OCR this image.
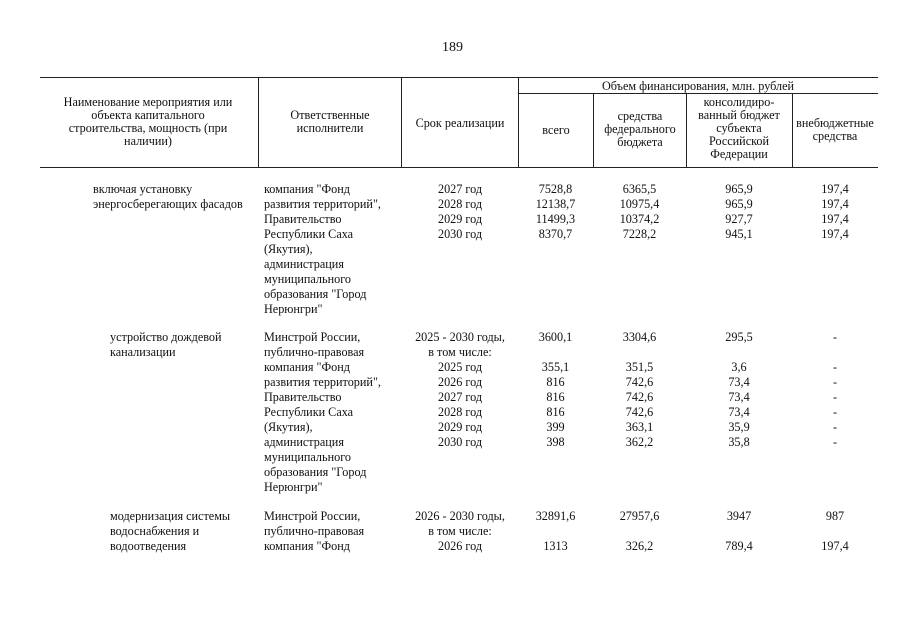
189
Наименование мероприятия или объекта капитального строительства, мощность (при наличии)
Ответственные исполнители	Срок реализации
Объем финансирования, млн. рублей
всего
средства федерального бюджета
консолидиро- ванный бюджет субъекта Российской Федерации
внебюджетные средства
включая установку
энергосберегающих фасадов
компания "Фонд
развития территорий",
Правительство
Республики Саха
(Якутия),
администрация
муниципального
образования "Город
Нерюнгри"
2027 год
2028 год
2029 год
2030 год
7528,8
12138,7
11499,3
8370,7
6365,5
10975,4
10374,2
7228,2
965,9
965,9
927,7
945,1
197,4
197,4
197,4
197,4
устройство дождевой
канализации
Минстрой России,
публично-правовая
компания "Фонд
развития территорий",
Правительство
Республики Саха
(Якутия),
администрация
муниципального
образования "Город
Нерюнгри"
2025 - 2030 годы,
в том числе:
2025 год
2026 год
2027 год
2028 год
2029 год
2030 год
3600,1
355,1
816
816
816
399
398
3304,6
351,5
742,6
742,6
742,6
363,1
362,2
295,5
3,6
73,4
73,4
73,4
35,9
35,8
-
-
-
-
-
-
-
модернизация системы
водоснабжения и
водоотведения
Минстрой России,
публично-правовая
компания "Фонд
2026 - 2030 годы,
в том числе:
2026 год
32891,6
1313
27957,6
326,2
3947
789,4
987
197,4
